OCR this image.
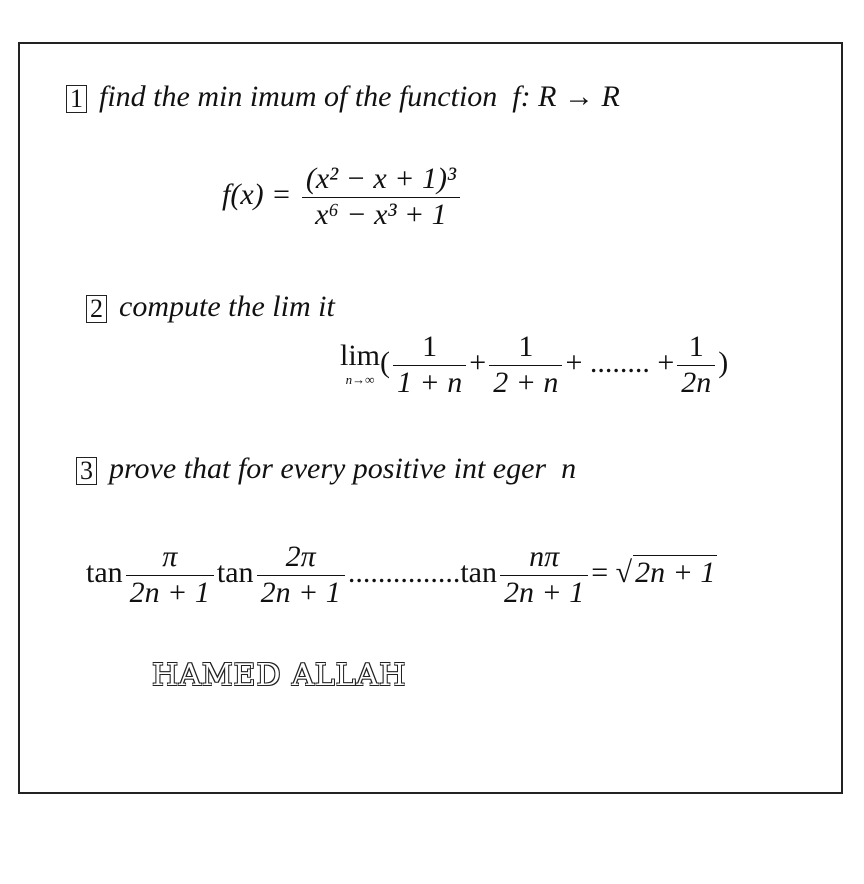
1 find the min imum of the function f: R → R
$f(x) = \frac{\text{(x² − x + 1)³}}{\text{x⁶ − x³ + 1}}$
2 compute the lim it
lim
n→∞
( $\frac{1}{1 + n} + \frac{1}{2 + n}$ + ........ + $\frac{1}{2n}$ )
3 prove that for every positive int eger n
$\tan \frac{\pi}{2n + 1}$ $\tan \frac{2\pi}{2n + 1} ...............\tan \frac{n\pi}{2n + 1}$ = √ 2n + 1
HAMED ALLAH
